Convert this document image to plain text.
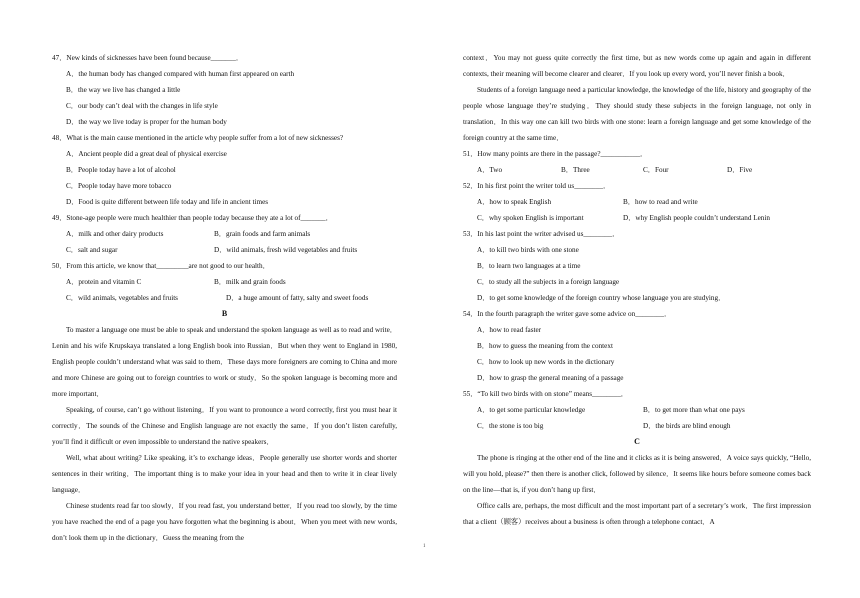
47．New kinds of sicknesses have been found because_______．
A．the human body has changed compared with human first appeared on earth
B．the way we live has changed a little
C．our body can’t deal with the changes in life style
D．the way we live today is proper for the human body
48．What is the main cause mentioned in the article why people suffer from a lot of new sicknesses?
A．Ancient people did a great deal of physical exercise
B．People today have a lot of alcohol
C．People today have more tobacco
D．Food is quite different between life today and life in ancient times
49．Stone-age people were much healthier than people today because they ate a lot of_______．
A．milk and other dairy products	B．grain foods and farm animals
C．salt and sugar	D．wild animals, fresh wild vegetables and fruits
50．From this article, we know that_________are not good to our health．
A．protein and vitamin C	B．milk and grain foods
C．wild animals, vegetables and fruits	D．a huge amount of fatty, salty and sweet foods
B
To master a language one must be able to speak and understand the spoken language as well as to read and write．Lenin and his wife Krupskaya translated a long English book into Russian．But when they went to England in 1980, English people couldn’t understand what was said to them．These days more foreigners are coming to China and more and more Chinese are going out to foreign countries to work or study．So the spoken language is becoming more and more important．
Speaking, of course, can’t go without listening．If you want to pronounce a word correctly, first you must hear it correctly．The sounds of the Chinese and English language are not exactly the same．If you don’t listen carefully, you’ll find it difficult or even impossible to understand the native speakers．
Well, what about writing? Like speaking, it’s to exchange ideas．People generally use shorter words and shorter sentences in their writing．The important thing is to make your idea in your head and then to write it in clear lively language．
Chinese students read far too slowly．If you read fast, you understand better．If you read too slowly, by the time you have reached the end of a page you have forgotten what the beginning is about．When you meet with new words, don’t look them up in the dictionary．Guess the meaning from the
context．You may not guess quite correctly the first time, but as new words come up again and again in different contexts, their meaning will become clearer and clearer．If you look up every word, you’ll never finish a book．
Students of a foreign language need a particular knowledge, the knowledge of the life, history and geography of the people whose language they’re studying．They should study these subjects in the foreign language, not only in translation．In this way one can kill two birds with one stone: learn a foreign language and get some knowledge of the foreign country at the same time．
51．How many points are there in the passage?___________．
A．Two	B．Three	C．Four	D．Five
52．In his first point the writer told us________．
A．how to speak English	B．how to read and write
C．why spoken English is important	D．why English people couldn’t understand Lenin
53．In his last point the writer advised us________．
A．to kill two birds with one stone
B．to learn two languages at a time
C．to study all the subjects in a foreign language
D．to get some knowledge of the foreign country whose language you are studying．
54．In the fourth paragraph the writer gave some advice on________．
A．how to read faster
B．how to guess the meaning from the context
C．how to look up new words in the dictionary
D．how to grasp the general meaning of a passage
55．“To kill two birds with on stone” means________．
A．to get some particular knowledge	B．to get more than what one pays
C．the stone is too big	D．the birds are blind enough
C
The phone is ringing at the other end of the line and it clicks as it is being answered．A voice says quickly, “Hello, will you hold, please?” then there is another click, followed by silence．It seems like hours before someone comes back on the line—that is, if you don’t hang up first．
Office calls are, perhaps, the most difficult and the most important part of a secretary’s work．The first impression that a client（顾客）receives about a business is often through a telephone contact．A
1
